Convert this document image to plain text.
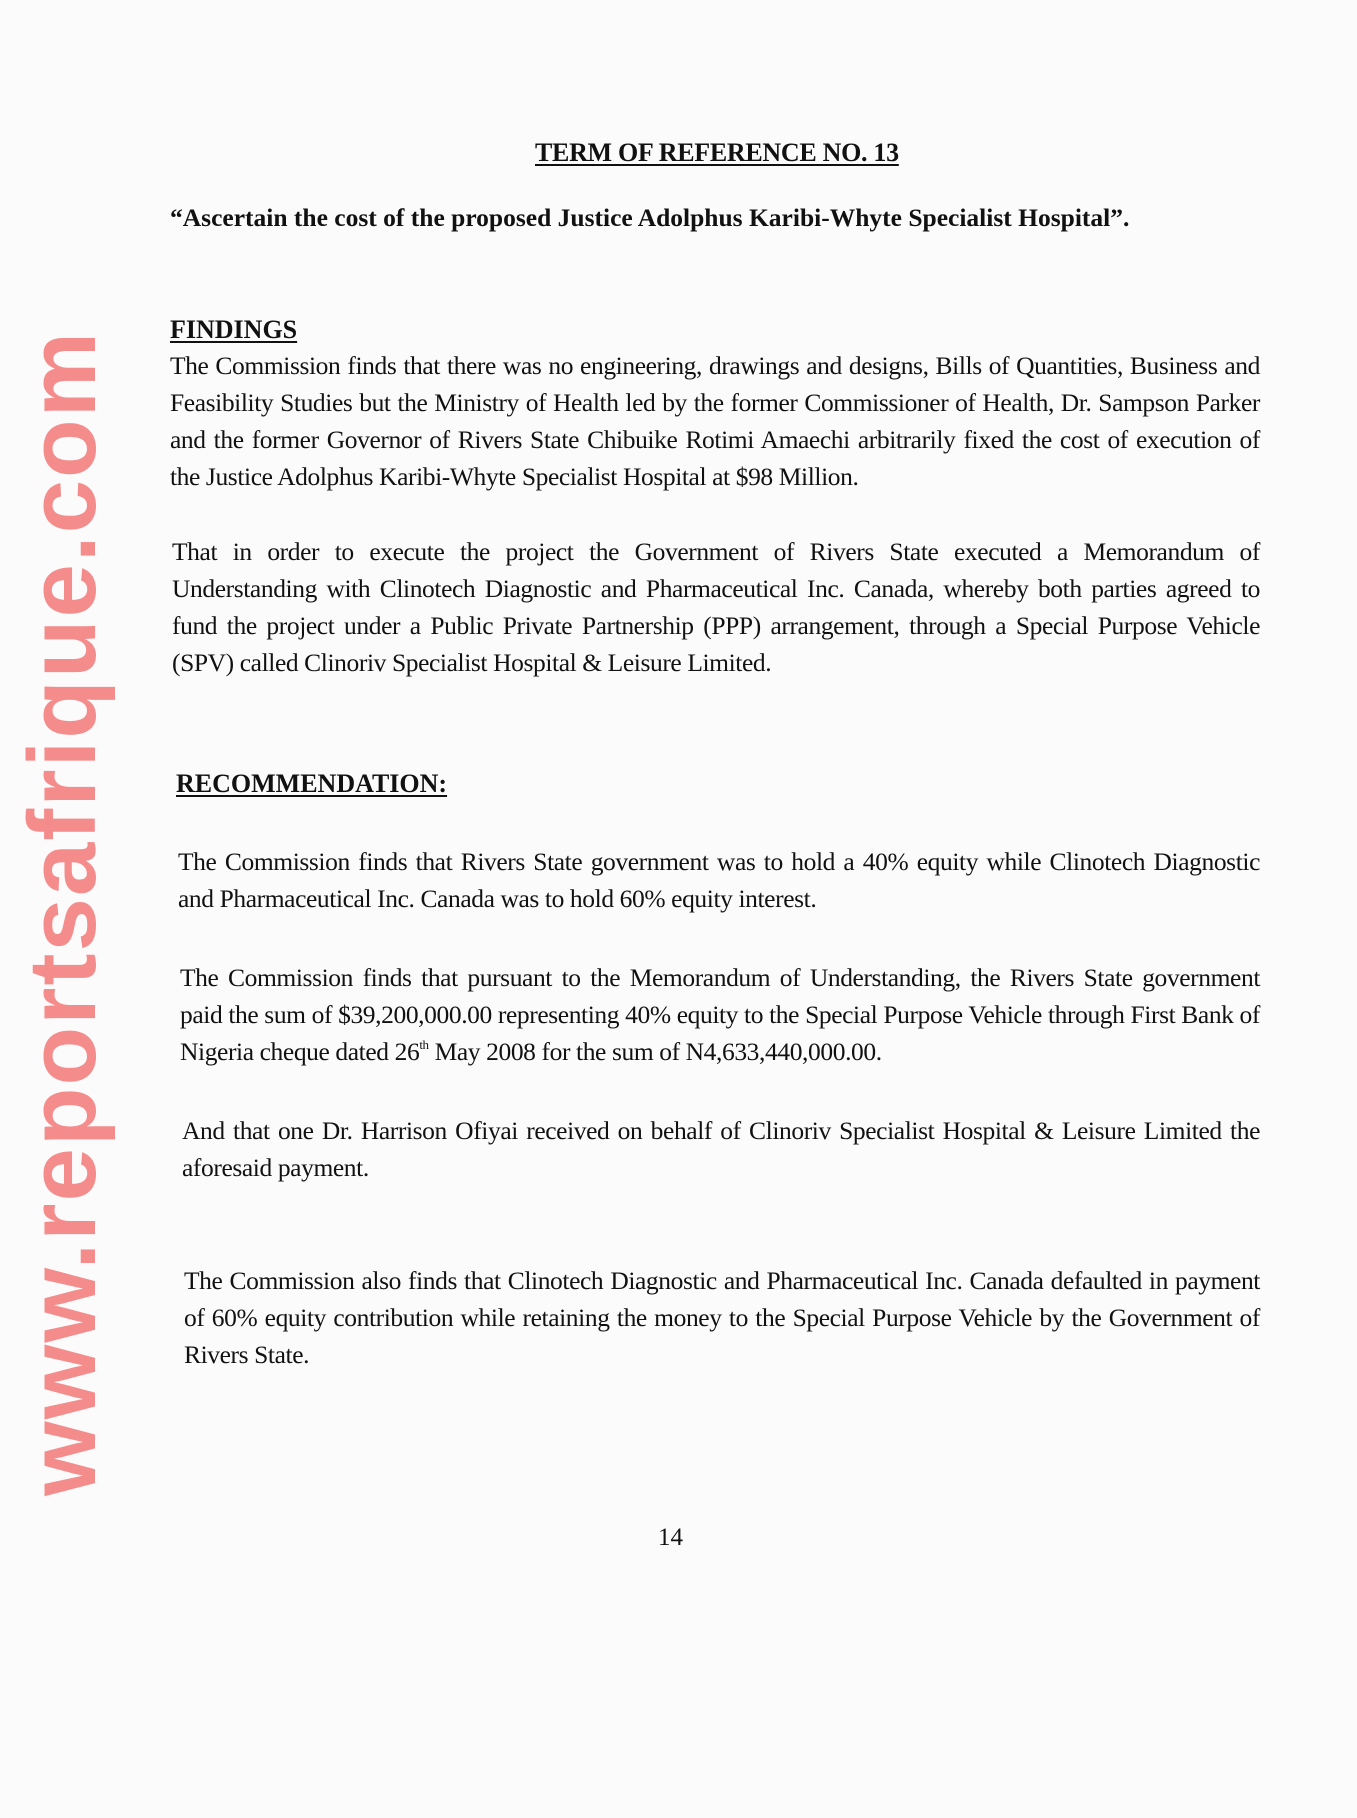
www.reportsafrique.com
TERM OF REFERENCE NO. 13
“Ascertain the cost of the proposed Justice Adolphus Karibi-Whyte Specialist Hospital”.
FINDINGS
The Commission finds that there was no engineering, drawings and designs, Bills of Quantities, Business and Feasibility Studies but the Ministry of Health led by the former Commissioner of Health, Dr. Sampson Parker and the former Governor of Rivers State Chibuike Rotimi Amaechi arbitrarily fixed the cost of execution of the Justice Adolphus Karibi-Whyte Specialist Hospital at $98 Million.
That in order to execute the project the Government of Rivers State executed a Memorandum of Understanding with Clinotech Diagnostic and Pharmaceutical Inc. Canada, whereby both parties agreed to fund the project under a Public Private Partnership (PPP) arrangement, through a Special Purpose Vehicle (SPV) called Clinoriv Specialist Hospital & Leisure Limited.
RECOMMENDATION:
The Commission finds that Rivers State government was to hold a 40% equity while Clinotech Diagnostic and Pharmaceutical Inc. Canada was to hold 60% equity interest.
The Commission finds that pursuant to the Memorandum of Understanding, the Rivers State government paid the sum of $39,200,000.00 representing 40% equity to the Special Purpose Vehicle through First Bank of Nigeria cheque dated 26th May 2008 for the sum of N4,633,440,000.00.
And that one Dr. Harrison Ofiyai received on behalf of Clinoriv Specialist Hospital & Leisure Limited the aforesaid payment.
The Commission also finds that Clinotech Diagnostic and Pharmaceutical Inc. Canada defaulted in payment of 60% equity contribution while retaining the money to the Special Purpose Vehicle by the Government of Rivers State.
14
